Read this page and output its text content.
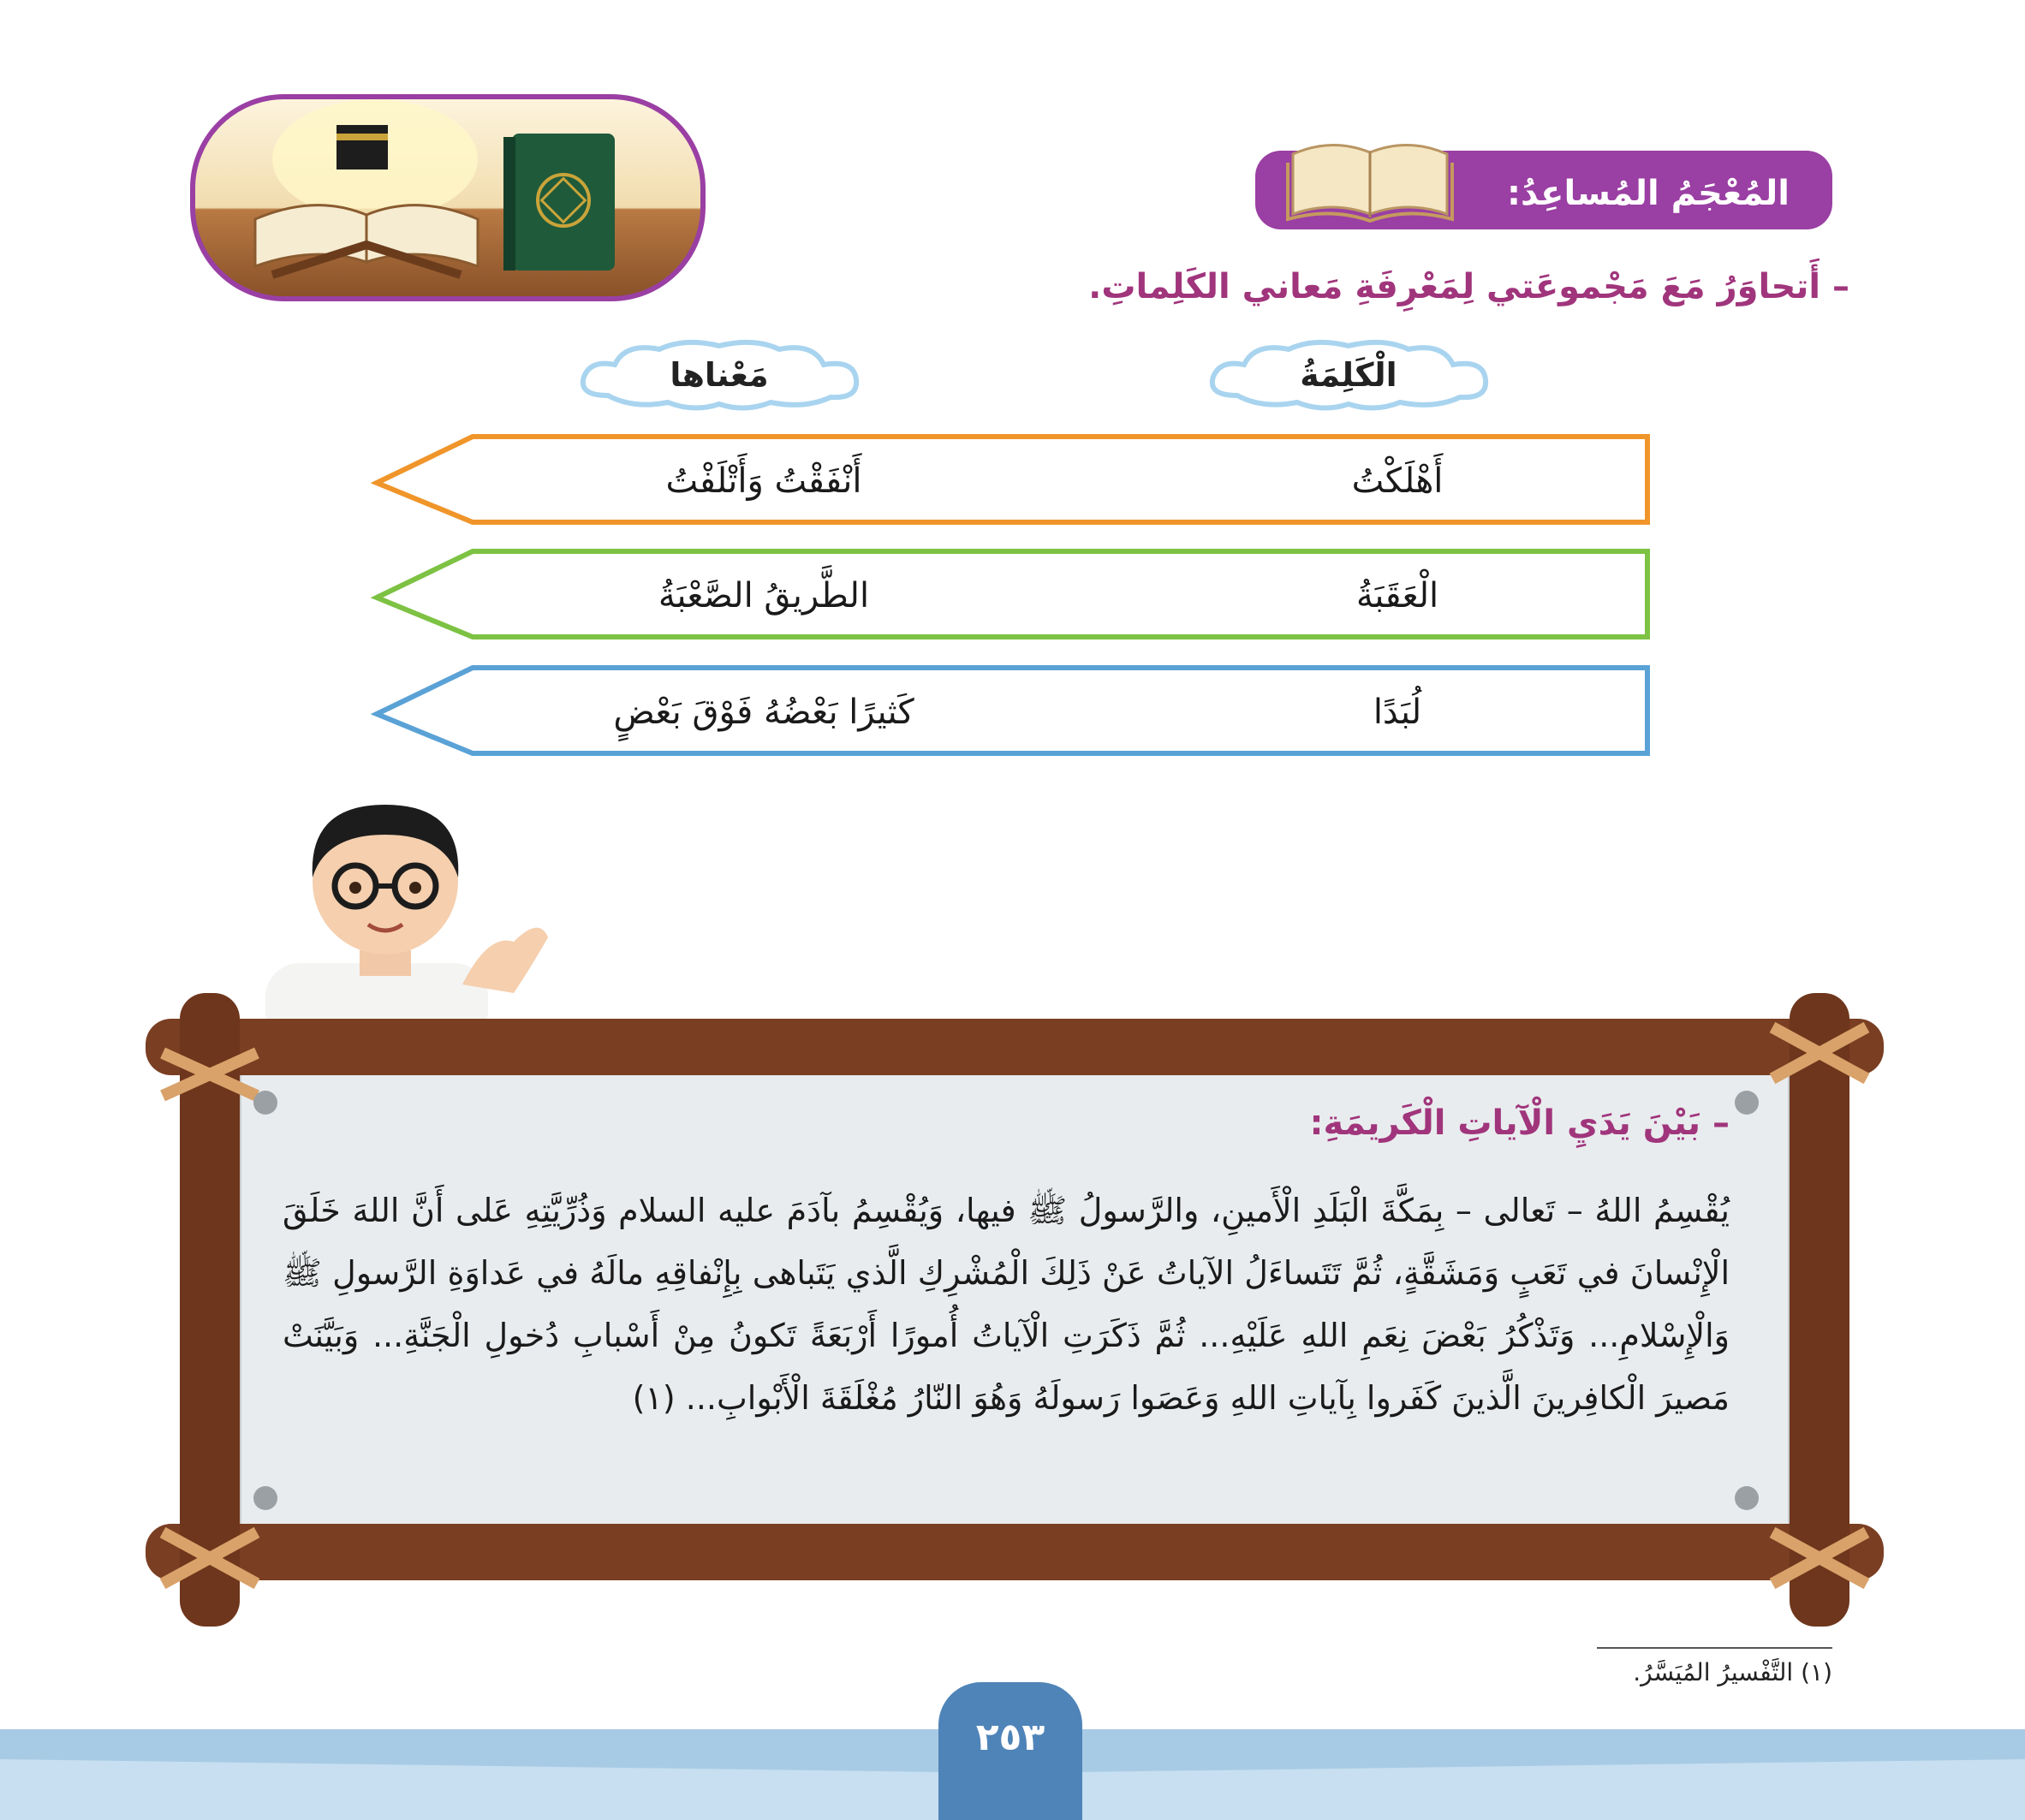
المُعْجَمُ المُساعِدُ:
– أَتحاوَرُ مَعَ مَجْموعَتي لِمَعْرِفَةِ مَعاني الكَلِماتِ.
الْكَلِمَةُ
مَعْناها
أَهْلَكْتُ
أَنْفَقْتُ وَأَتْلَفْتُ
الْعَقَبَةُ
الطَّريقُ الصَّعْبَةُ
لُبَدًا
كَثيرًا بَعْضُهُ فَوْقَ بَعْضٍ
– بَيْنَ يَدَيِ الْآياتِ الْكَريمَةِ:
يُقْسِمُ اللهُ – تَعالى – بِمَكَّةَ الْبَلَدِ الْأَمينِ، والرَّسولُ ﷺ فيها، وَيُقْسِمُ بآدَمَ عليه السلام وَذُرِّيَّتِهِ عَلى أَنَّ اللهَ خَلَقَ الْإِنْسانَ في تَعَبٍ وَمَشَقَّةٍ، ثُمَّ تَتَساءَلُ الآياتُ عَنْ ذَلِكَ الْمُشْرِكِ الَّذي يَتَباهى بِإِنْفاقِهِ مالَهُ في عَداوَةِ الرَّسولِ ﷺ وَالْإِسْلامِ... وَتَذْكُرُ بَعْضَ نِعَمِ اللهِ عَلَيْهِ... ثُمَّ ذَكَرَتِ الْآياتُ أُمورًا أَرْبَعَةً تَكونُ مِنْ أَسْبابِ دُخولِ الْجَنَّةِ... وَبَيَّنَتْ مَصيرَ الْكافِرينَ الَّذينَ كَفَروا بِآياتِ اللهِ وَعَصَوا رَسولَهُ وَهُوَ النّارُ مُغْلَقَةَ الْأَبْوابِ... (١)
(١) التَّفْسيرُ المُيَسَّرُ.
٢٥٣
